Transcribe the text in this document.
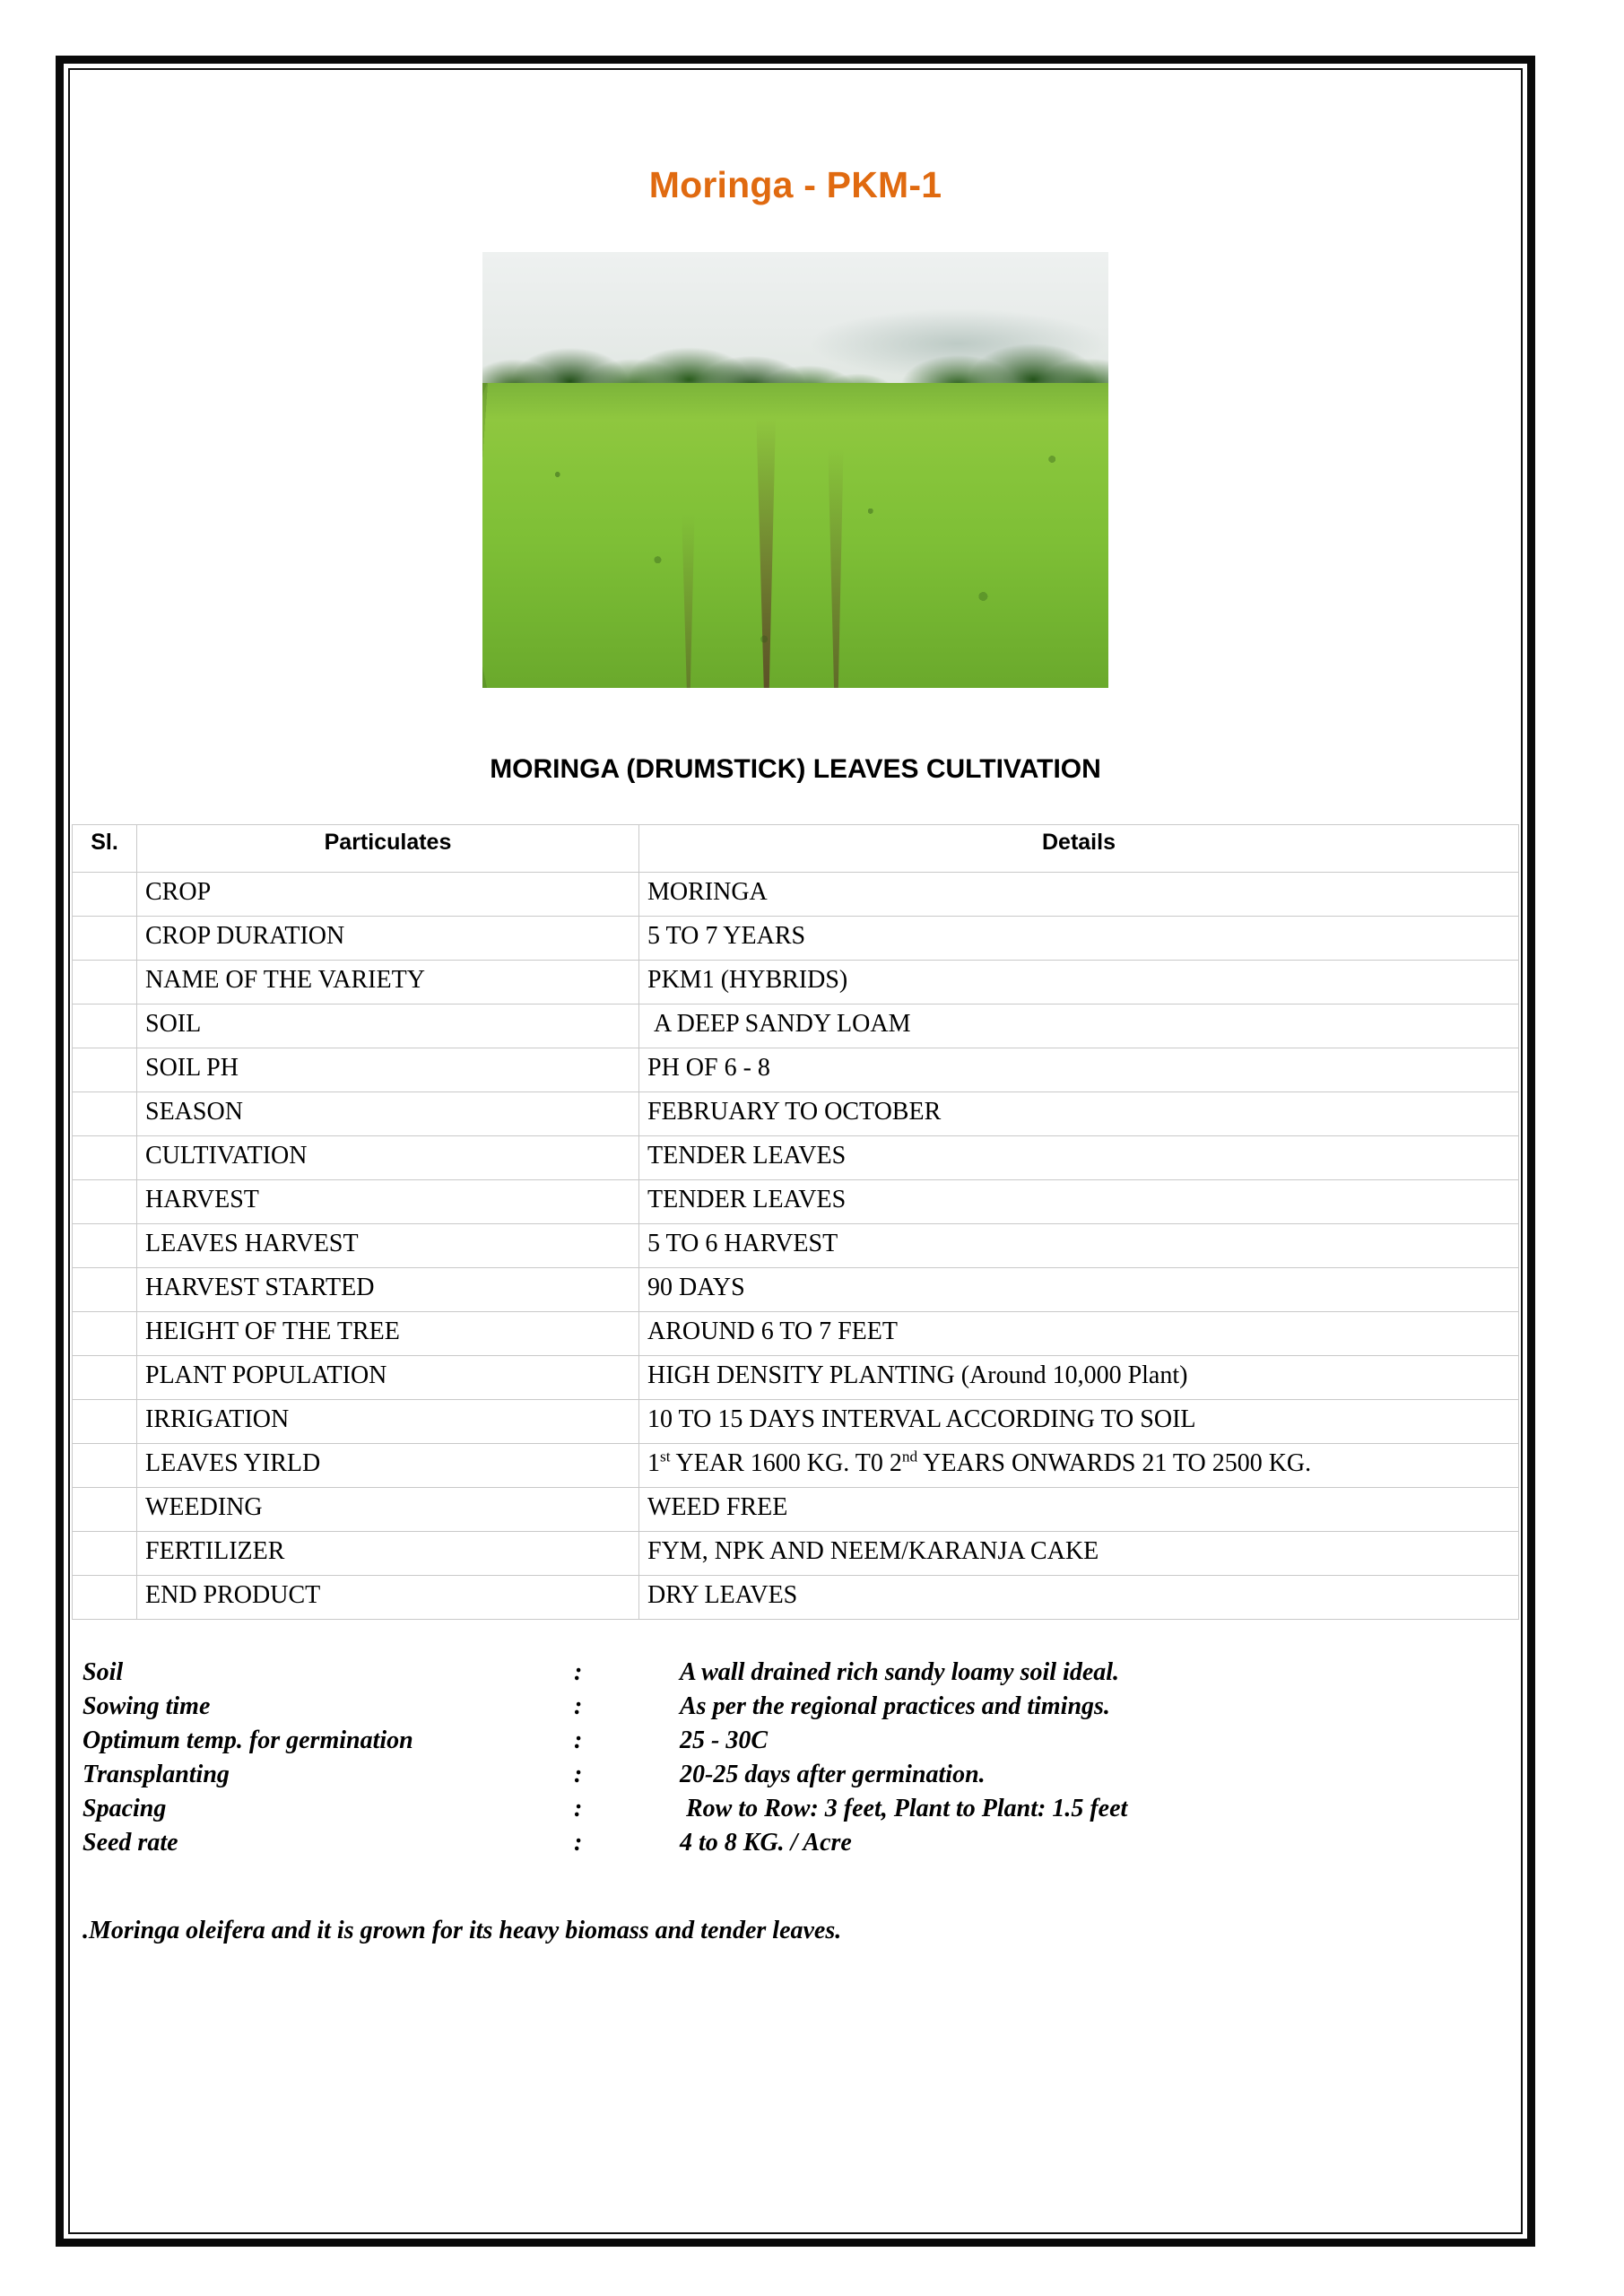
Moringa - PKM-1
MORINGA (DRUMSTICK) LEAVES CULTIVATION
Sl.	Particulates	Details
	CROP	MORINGA
	CROP DURATION	5 TO 7 YEARS
	NAME OF THE VARIETY	PKM1 (HYBRIDS)
	SOIL	A DEEP SANDY LOAM
	SOIL PH	PH OF 6 - 8
	SEASON	FEBRUARY TO OCTOBER
	CULTIVATION	TENDER LEAVES
	HARVEST	TENDER LEAVES
	LEAVES HARVEST	5 TO 6 HARVEST
	HARVEST STARTED	90 DAYS
	HEIGHT OF THE TREE	AROUND 6 TO 7 FEET
	PLANT POPULATION	HIGH DENSITY PLANTING (Around 10,000 Plant)
	IRRIGATION	10 TO 15 DAYS INTERVAL ACCORDING TO SOIL
	LEAVES YIRLD	1st YEAR 1600 KG. T0 2nd YEARS ONWARDS 21 TO 2500 KG.
	WEEDING	WEED FREE
	FERTILIZER	FYM, NPK AND NEEM/KARANJA CAKE
	END PRODUCT	DRY LEAVES
Soil	:	A wall drained rich sandy loamy soil ideal.
Sowing time	:	As per the regional practices and timings.
Optimum temp. for germination	:	25 - 30C
Transplanting	:	20-25 days after germination.
Spacing	:	Row to Row: 3 feet, Plant to Plant: 1.5 feet
Seed rate	:	4 to 8 KG. / Acre
.Moringa oleifera and it is grown for its heavy biomass and tender leaves.
